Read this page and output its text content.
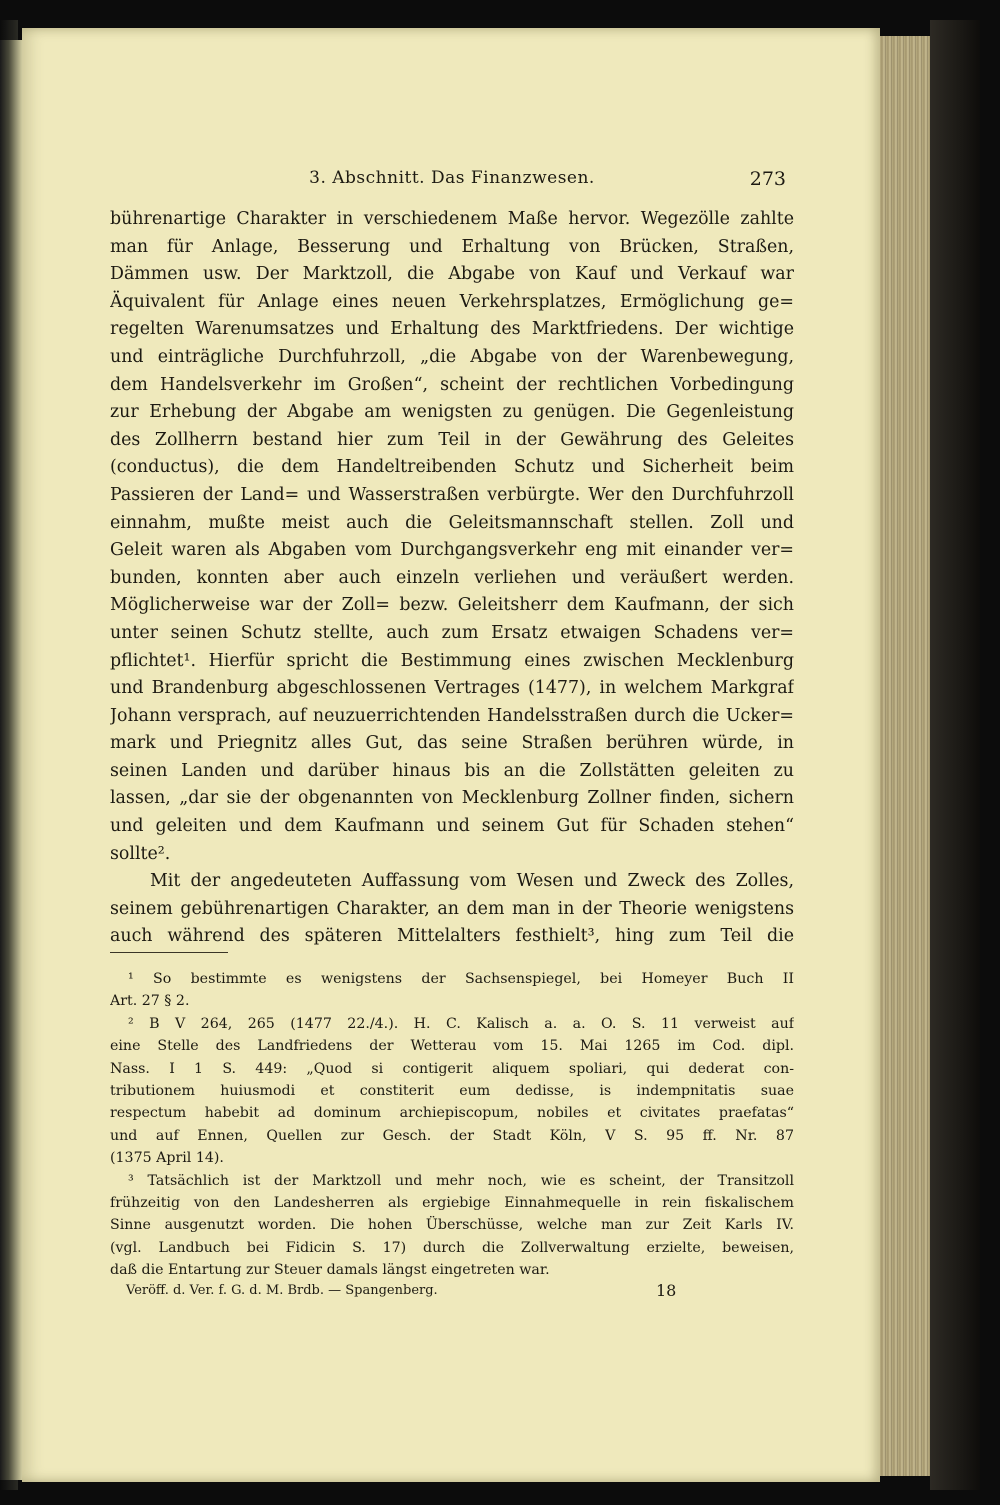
3. Abschnitt. Das Finanzwesen.	273
bührenartige Charakter in verschiedenem Maße hervor. Wegezölle zahlte
man für Anlage, Besserung und Erhaltung von Brücken, Straßen,
Dämmen usw. Der Marktzoll, die Abgabe von Kauf und Verkauf war
Äquivalent für Anlage eines neuen Verkehrsplatzes, Ermöglichung ge=
regelten Warenumsatzes und Erhaltung des Marktfriedens. Der wichtige
und einträgliche Durchfuhrzoll, „die Abgabe von der Warenbewegung,
dem Handelsverkehr im Großen“, scheint der rechtlichen Vorbedingung
zur Erhebung der Abgabe am wenigsten zu genügen. Die Gegenleistung
des Zollherrn bestand hier zum Teil in der Gewährung des Geleites
(conductus), die dem Handeltreibenden Schutz und Sicherheit beim
Passieren der Land= und Wasserstraßen verbürgte. Wer den Durchfuhrzoll
einnahm, mußte meist auch die Geleitsmannschaft stellen. Zoll und
Geleit waren als Abgaben vom Durchgangsverkehr eng mit einander ver=
bunden, konnten aber auch einzeln verliehen und veräußert werden.
Möglicherweise war der Zoll= bezw. Geleitsherr dem Kaufmann, der sich
unter seinen Schutz stellte, auch zum Ersatz etwaigen Schadens ver=
pflichtet¹. Hierfür spricht die Bestimmung eines zwischen Mecklenburg
und Brandenburg abgeschlossenen Vertrages (1477), in welchem Markgraf
Johann versprach, auf neuzuerrichtenden Handelsstraßen durch die Ucker=
mark und Priegnitz alles Gut, das seine Straßen berühren würde, in
seinen Landen und darüber hinaus bis an die Zollstätten geleiten zu
lassen, „dar sie der obgenannten von Mecklenburg Zollner finden, sichern
und geleiten und dem Kaufmann und seinem Gut für Schaden stehen“
sollte².
Mit der angedeuteten Auffassung vom Wesen und Zweck des Zolles,
seinem gebührenartigen Charakter, an dem man in der Theorie wenigstens
auch während des späteren Mittelalters festhielt³, hing zum Teil die
¹ So bestimmte es wenigstens der Sachsenspiegel, bei Homeyer Buch II
Art. 27 § 2.
² B V 264, 265 (1477 22./4.). H. C. Kalisch a. a. O. S. 11 verweist auf
eine Stelle des Landfriedens der Wetterau vom 15. Mai 1265 im Cod. dipl.
Nass. I 1 S. 449: „Quod si contigerit aliquem spoliari, qui dederat con-
tributionem huiusmodi et constiterit eum dedisse, is indempnitatis suae
respectum habebit ad dominum archiepiscopum, nobiles et civitates praefatas“
und auf Ennen, Quellen zur Gesch. der Stadt Köln, V S. 95 ff. Nr. 87
(1375 April 14).
³ Tatsächlich ist der Marktzoll und mehr noch, wie es scheint, der Transitzoll
frühzeitig von den Landesherren als ergiebige Einnahmequelle in rein fiskalischem
Sinne ausgenutzt worden. Die hohen Überschüsse, welche man zur Zeit Karls IV.
(vgl. Landbuch bei Fidicin S. 17) durch die Zollverwaltung erzielte, beweisen,
daß die Entartung zur Steuer damals längst eingetreten war.
Veröff. d. Ver. f. G. d. M. Brdb. — Spangenberg.	18
